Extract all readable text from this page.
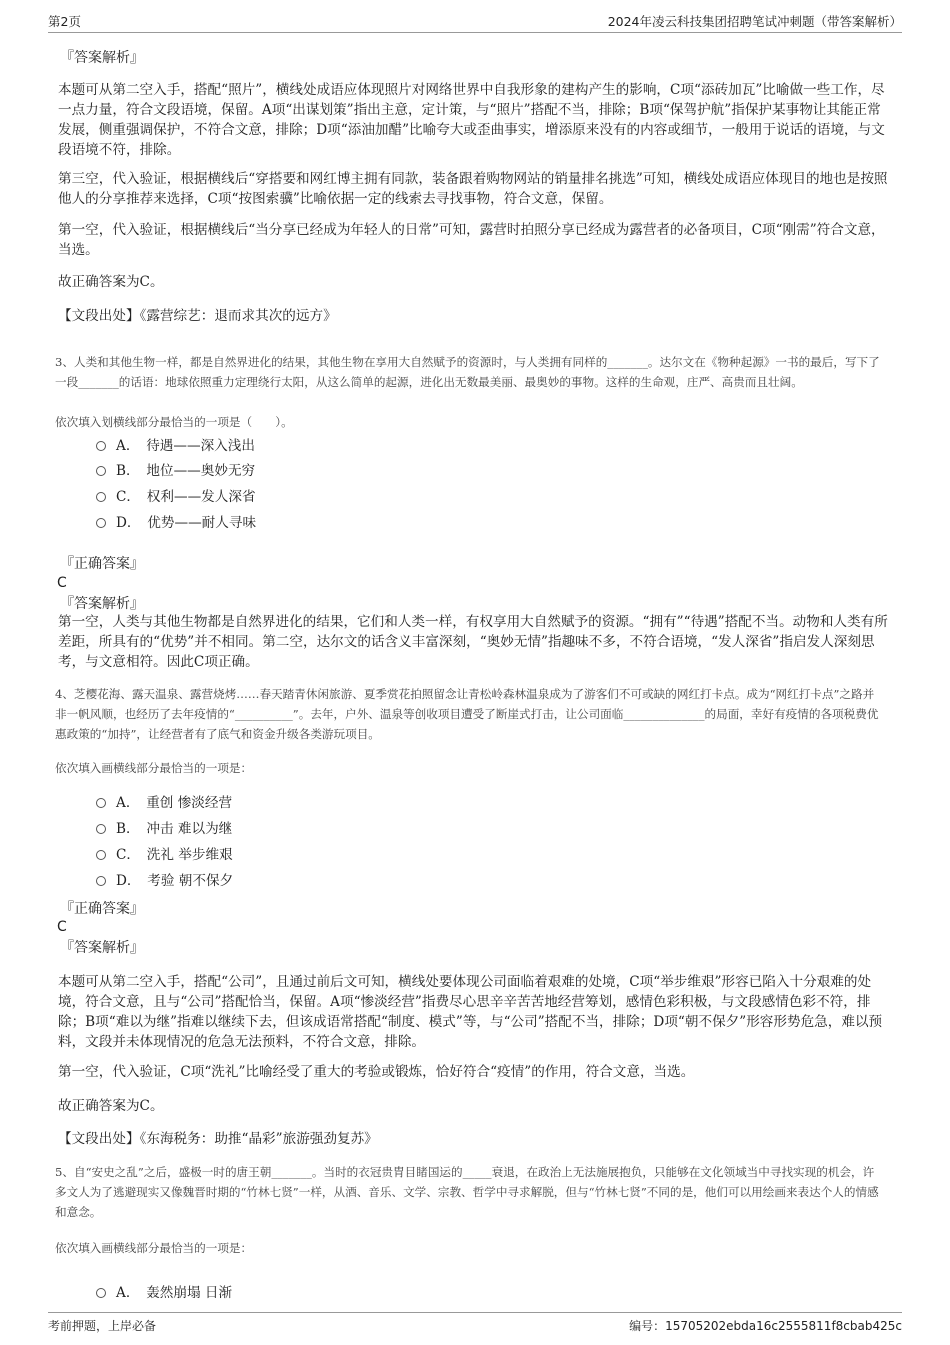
第2页	2024年凌云科技集团招聘笔试冲刺题（带答案解析）
『答案解析』
本题可从第二空入手，搭配“照片”，横线处成语应体现照片对网络世界中自我形象的建构产生的影响，C项“添砖加瓦”比喻做一些工作，尽一点力量，符合文段语境，保留。A项“出谋划策”指出主意，定计策，与“照片”搭配不当，排除；B项“保驾护航”指保护某事物让其能正常发展，侧重强调保护，不符合文意，排除；D项“添油加醋”比喻夸大或歪曲事实，增添原来没有的内容或细节，一般用于说话的语境，与文段语境不符，排除。
第三空，代入验证，根据横线后“穿搭要和网红博主拥有同款，装备跟着购物网站的销量排名挑选”可知，横线处成语应体现目的地也是按照他人的分享推荐来选择，C项“按图索骥”比喻依据一定的线索去寻找事物，符合文意，保留。
第一空，代入验证，根据横线后“当分享已经成为年轻人的日常”可知，露营时拍照分享已经成为露营者的必备项目，C项“刚需”符合文意，当选。
故正确答案为C。
【文段出处】《露营综艺：退而求其次的远方》
3、人类和其他生物一样，都是自然界进化的结果，其他生物在享用大自然赋予的资源时，与人类拥有同样的_______。达尔文在《物种起源》一书的最后，写下了一段_______的话语：地球依照重力定理绕行太阳，从这么简单的起源，进化出无数最美丽、最奥妙的事物。这样的生命观，庄严、高贵而且壮阔。
依次填入划横线部分最恰当的一项是（　　）。
A．　待遇——深入浅出
B．　地位——奥妙无穷
C．　权利——发人深省
D．　优势——耐人寻味
『正确答案』
C
『答案解析』
第一空，人类与其他生物都是自然界进化的结果，它们和人类一样，有权享用大自然赋予的资源。“拥有”“待遇”搭配不当。动物和人类有所差距，所具有的“优势”并不相同。第二空，达尔文的话含义丰富深刻，“奥妙无情”指趣味不多，不符合语境，“发人深省”指启发人深刻思考，与文意相符。因此C项正确。
4、芝樱花海、露天温泉、露营烧烤……春天踏青休闲旅游、夏季赏花拍照留念让青松岭森林温泉成为了游客们不可或缺的网红打卡点。成为“网红打卡点”之路并非一帆风顺，也经历了去年疫情的“__________”。去年，户外、温泉等创收项目遭受了断崖式打击，让公司面临______________的局面，幸好有疫情的各项税费优惠政策的“加持”，让经营者有了底气和资金升级各类游玩项目。
依次填入画横线部分最恰当的一项是：
A．　重创 惨淡经营
B．　冲击 难以为继
C．　洗礼 举步维艰
D．　考验 朝不保夕
『正确答案』
C
『答案解析』
本题可从第二空入手，搭配“公司”，且通过前后文可知，横线处要体现公司面临着艰难的处境，C项“举步维艰”形容已陷入十分艰难的处境，符合文意，且与“公司”搭配恰当，保留。A项“惨淡经营”指费尽心思辛辛苦苦地经营筹划，感情色彩积极，与文段感情色彩不符，排除；B项“难以为继”指难以继续下去，但该成语常搭配“制度、模式”等，与“公司”搭配不当，排除；D项“朝不保夕”形容形势危急，难以预料，文段并未体现情况的危急无法预料，不符合文意，排除。
第一空，代入验证，C项“洗礼”比喻经受了重大的考验或锻炼，恰好符合“疫情”的作用，符合文意，当选。
故正确答案为C。
【文段出处】《东海税务：助推“晶彩”旅游强劲复苏》
5、自“安史之乱”之后，盛极一时的唐王朝_______。当时的衣冠贵胄目睹国运的_____衰退，在政治上无法施展抱负，只能够在文化领域当中寻找实现的机会，许多文人为了逃避现实又像魏晋时期的“竹林七贤”一样，从酒、音乐、文学、宗教、哲学中寻求解脱，但与“竹林七贤”不同的是，他们可以用绘画来表达个人的情感和意念。
依次填入画横线部分最恰当的一项是：
A．　轰然崩塌 日渐
考前押题，上岸必备	编号：15705202ebda16c2555811f8cbab425c
